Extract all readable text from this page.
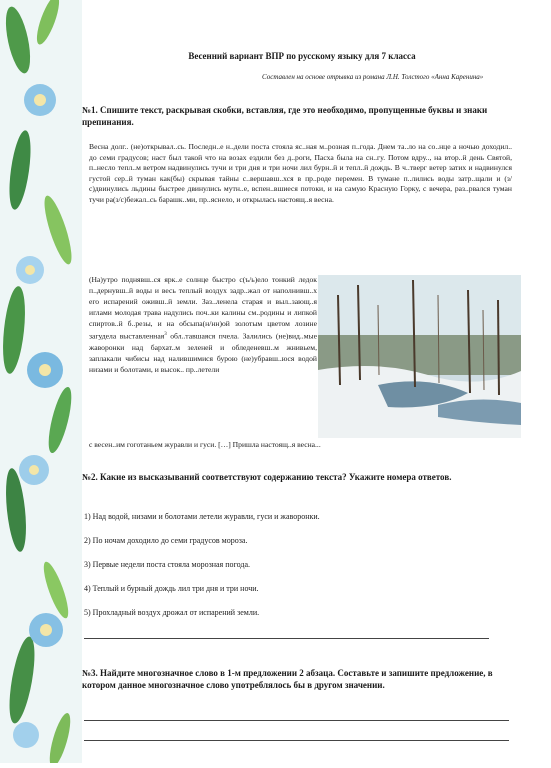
Весенний вариант ВПР по русскому языку для 7 класса
Составлен на основе отрывка из романа Л.Н. Толстого «Анна Каренина»
№1. Спишите текст, раскрывая скобки, вставляя, где это необходимо, пропущенные буквы и знаки препинания.
Весна долг.. (не)открывал..сь. Последн..е н..дели поста стояла яс..ная м..розная п..года. Днем та..ло на со..нце а ночью доходил.. до семи градусов; наст был такой что на возах ездили без д..роги, Пасха была на сн..гу. Потом вдру.., на втор..й день Святой, п..несло тепл..м ветром надвинулись тучи и три дня и три ночи лил бурн..й и тепл..й дождь. В ч..тверг ветер затих и надвинулся густой сер..й туман как(бы) скрывая тайны с..вершавш..хся в пр..роде перемен. В тумане п..лились воды затр..щали и (з/с)двинулись льдины быстрее двинулись мутн..е, вспен..вшиеся потоки, и на самую Красную Горку, с вечера, раз..рвался туман тучи ра(з/с)бежал..сь барашк..ми, пр..яснело, и открылась настоящ..я весна.
(На)утро поднявш..ся ярк..е солнце быстро с(ъ/ь)ело тонкий ледок п..дернувш..й воды и весь теплый воздух задр..жал от наполнивш..х его испарений оживш..й земли. Заз..ленела старая и выл..зающ..я иглами молодая трава надулись поч..ки калины см..родины и липкой спиртов..й б..резы, и на обсыпа(н/нн)ой золотым цветом лозине загудела выставленная$^3$ обл..тавшаяся пчела. Залились (не)вид..мые жаворонки над бархат..м зеленей и обледеневш..м жнивьем, заплакали чибисы над налившимися бурою (не)убравш..юся водой низами и болотами, и высок.. пр..летели
с весен..им гоготаньем журавли и гуси. […] Пришла настоящ..я весна...
№2. Какие из высказываний соответствуют содержанию текста? Укажите номера ответов.
1) Над водой, низами и болотами летели журавли, гуси и жаворонки.
2) По ночам доходило до семи градусов мороза.
3) Первые недели поста стояла морозная погода.
4) Теплый и бурный дождь лил три дня и три ночи.
5) Прохладный воздух дрожал от испарений земли.
№3. Найдите многозначное слово в 1-м предложении 2 абзаца. Составьте и запишите предложение, в котором данное многозначное слово употреблялось бы в другом значении.
